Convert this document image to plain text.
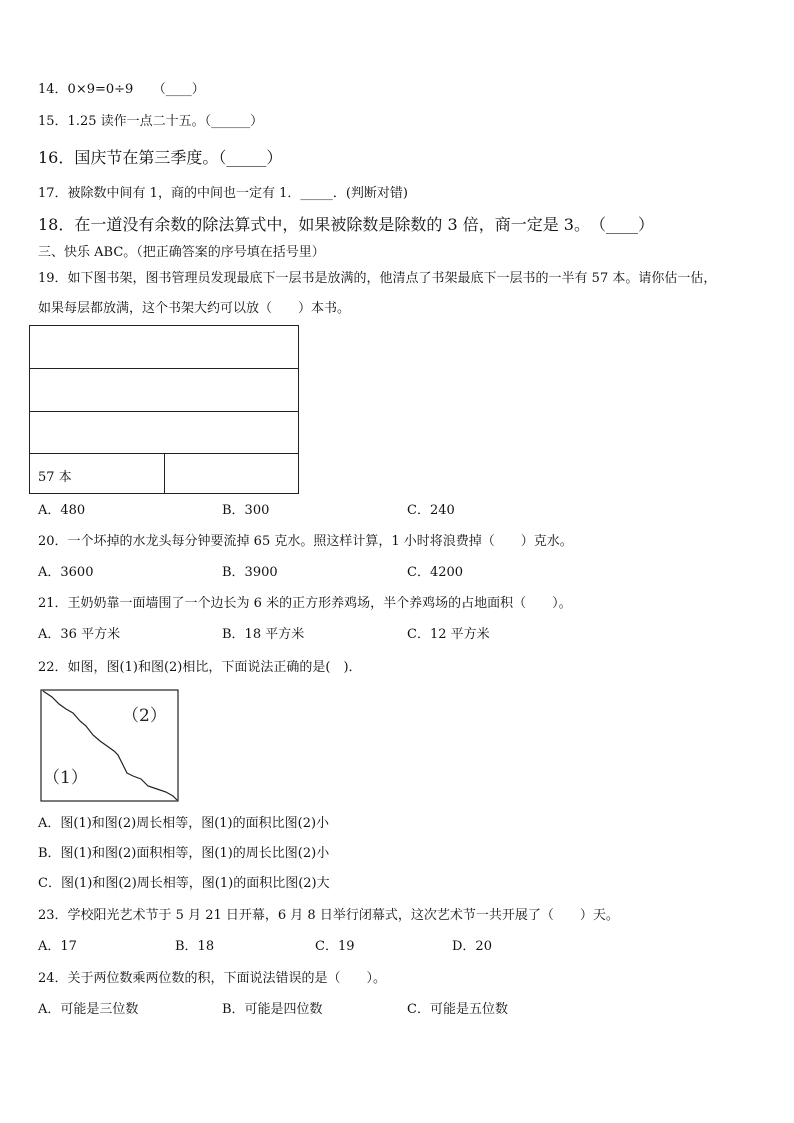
14．0×9=0÷9　　（____）
15．1.25 读作一点二十五。（______）
16．国庆节在第三季度。（_____）
17．被除数中间有 1，商的中间也一定有 1．_____．(判断对错)
18．在一道没有余数的除法算式中，如果被除数是除数的 3 倍，商一定是 3。　（____）
三、快乐 ABC。（把正确答案的序号填在括号里）
19．如下图书架，图书管理员发现最底下一层书是放满的，他清点了书架最底下一层书的一半有 57 本。请你估一估，
如果每层都放满，这个书架大约可以放（　　）本书。
57 本
A．480	B．300	C．240
20．一个坏掉的水龙头每分钟要流掉 65 克水。照这样计算，1 小时将浪费掉（　　）克水。
A．3600	B．3900	C．4200
21．王奶奶靠一面墙围了一个边长为 6 米的正方形养鸡场，半个养鸡场的占地面积（　　）。
A．36 平方米	B．18 平方米	C．12 平方米
22．如图，图(1)和图(2)相比，下面说法正确的是(　)．
（2）
（1）
A．图(1)和图(2)周长相等，图(1)的面积比图(2)小
B．图(1)和图(2)面积相等，图(1)的周长比图(2)小
C．图(1)和图(2)周长相等，图(1)的面积比图(2)大
23．学校阳光艺术节于 5 月 21 日开幕，6 月 8 日举行闭幕式，这次艺术节一共开展了（　　）天。
A．17	B．18	C．19	D．20
24．关于两位数乘两位数的积，下面说法错误的是（　　）。
A．可能是三位数	B．可能是四位数	C．可能是五位数
